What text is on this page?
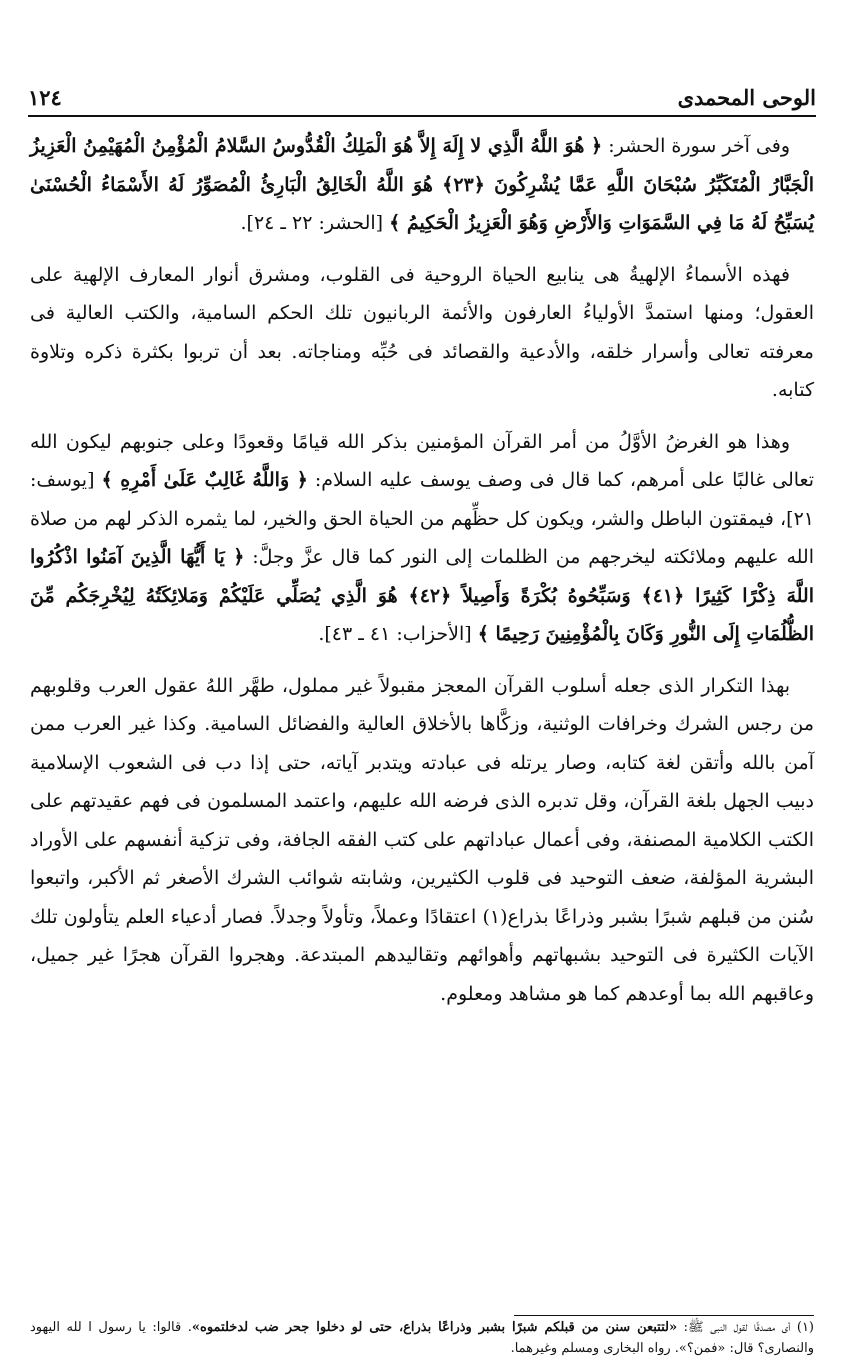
الوحى المحمدى
١٢٤

وفى آخر سورة الحشر: ﴿ هُوَ اللَّهُ الَّذِي لا إِلَهَ إِلاَّ هُوَ الْمَلِكُ الْقُدُّوسُ السَّلامُ الْمُؤْمِنُ الْمُهَيْمِنُ الْعَزِيزُ الْجَبَّارُ الْمُتَكَبِّرُ سُبْحَانَ اللَّهِ عَمَّا يُشْرِكُونَ ﴿٢٣﴾ هُوَ اللَّهُ الْخَالِقُ الْبَارِئُ الْمُصَوِّرُ لَهُ الأَسْمَاءُ الْحُسْنَىٰ يُسَبِّحُ لَهُ مَا فِي السَّمَوَاتِ وَالأَرْضِ وَهُوَ الْعَزِيزُ الْحَكِيمُ ﴾ [الحشر: ٢٢ ـ ٢٤].

فهذه الأسماءُ الإلهيةُ هى ينابيع الحياة الروحية فى القلوب، ومشرق أنوار المعارف الإلهية على العقول؛ ومنها استمدَّ الأولياءُ العارفون والأئمة الربانيون تلك الحكم السامية، والكتب العالية فى معرفته تعالى وأسرار خلقه، والأدعية والقصائد فى حُبِّه ومناجاته. بعد أن تربوا بكثرة ذكره وتلاوة كتابه.

وهذا هو الغرضُ الأوَّلُ من أمر القرآن المؤمنين بذكر الله قيامًا وقعودًا وعلى جنوبهم ليكون الله تعالى غالبًا على أمرهم، كما قال فى وصف يوسف عليه السلام: ﴿ وَاللَّهُ غَالِبٌ عَلَىٰ أَمْرِهِ ﴾ [يوسف: ٢١]، فيمقتون الباطل والشر، ويكون كل حظِّهم من الحياة الحق والخير، لما يثمره الذكر لهم من صلاة الله عليهم وملائكته ليخرجهم من الظلمات إلى النور كما قال عزَّ وجلَّ: ﴿ يَا أَيُّهَا الَّذِينَ آمَنُوا اذْكُرُوا اللَّهَ ذِكْرًا كَثِيرًا ﴿٤١﴾ وَسَبِّحُوهُ بُكْرَةً وَأَصِيلاً ﴿٤٢﴾ هُوَ الَّذِي يُصَلِّي عَلَيْكُمْ وَمَلائِكَتُهُ لِيُخْرِجَكُم مِّنَ الظُّلُمَاتِ إِلَى النُّورِ وَكَانَ بِالْمُؤْمِنِينَ رَحِيمًا ﴾ [الأحزاب: ٤١ ـ ٤٣].

بهذا التكرار الذى جعله أسلوب القرآن المعجز مقبولاً غير مملول، طهَّر اللهُ عقول العرب وقلوبهم من رجس الشرك وخرافات الوثنية، وزكَّاها بالأخلاق العالية والفضائل السامية. وكذا غير العرب ممن آمن بالله وأتقن لغة كتابه، وصار يرتله فى عبادته ويتدبر آياته، حتى إذا دب فى الشعوب الإسلامية دبيب الجهل بلغة القرآن، وقل تدبره الذى فرضه الله عليهم، واعتمد المسلمون فى فهم عقيدتهم على الكتب الكلامية المصنفة، وفى أعمال عباداتهم على كتب الفقه الجافة، وفى تزكية أنفسهم على الأوراد البشرية المؤلفة، ضعف التوحيد فى قلوب الكثيرين، وشابته شوائب الشرك الأصغر ثم الأكبر، واتبعوا سُنن من قبلهم شبرًا بشبر وذراعًا بذراع(١) اعتقادًا وعملاً، وتأولاً وجدلاً. فصار أدعياء العلم يتأولون تلك الآيات الكثيرة فى التوحيد بشبهاتهم وأهوائهم وتقاليدهم المبتدعة. وهجروا القرآن هجرًا غير جميل، وعاقبهم الله بما أوعدهم كما هو مشاهد ومعلوم.

(١) أى مصدقًا لقول النبى ﷺ: «لتتبعن سنن من قبلكم شبرًا بشبر وذراعًا بذراع، حتى لو دخلوا جحر ضب لدخلتموه». قالوا: يا رسول ا لله اليهود والنصارى؟ قال: «فمن؟». رواه البخارى ومسلم وغيرهما.
